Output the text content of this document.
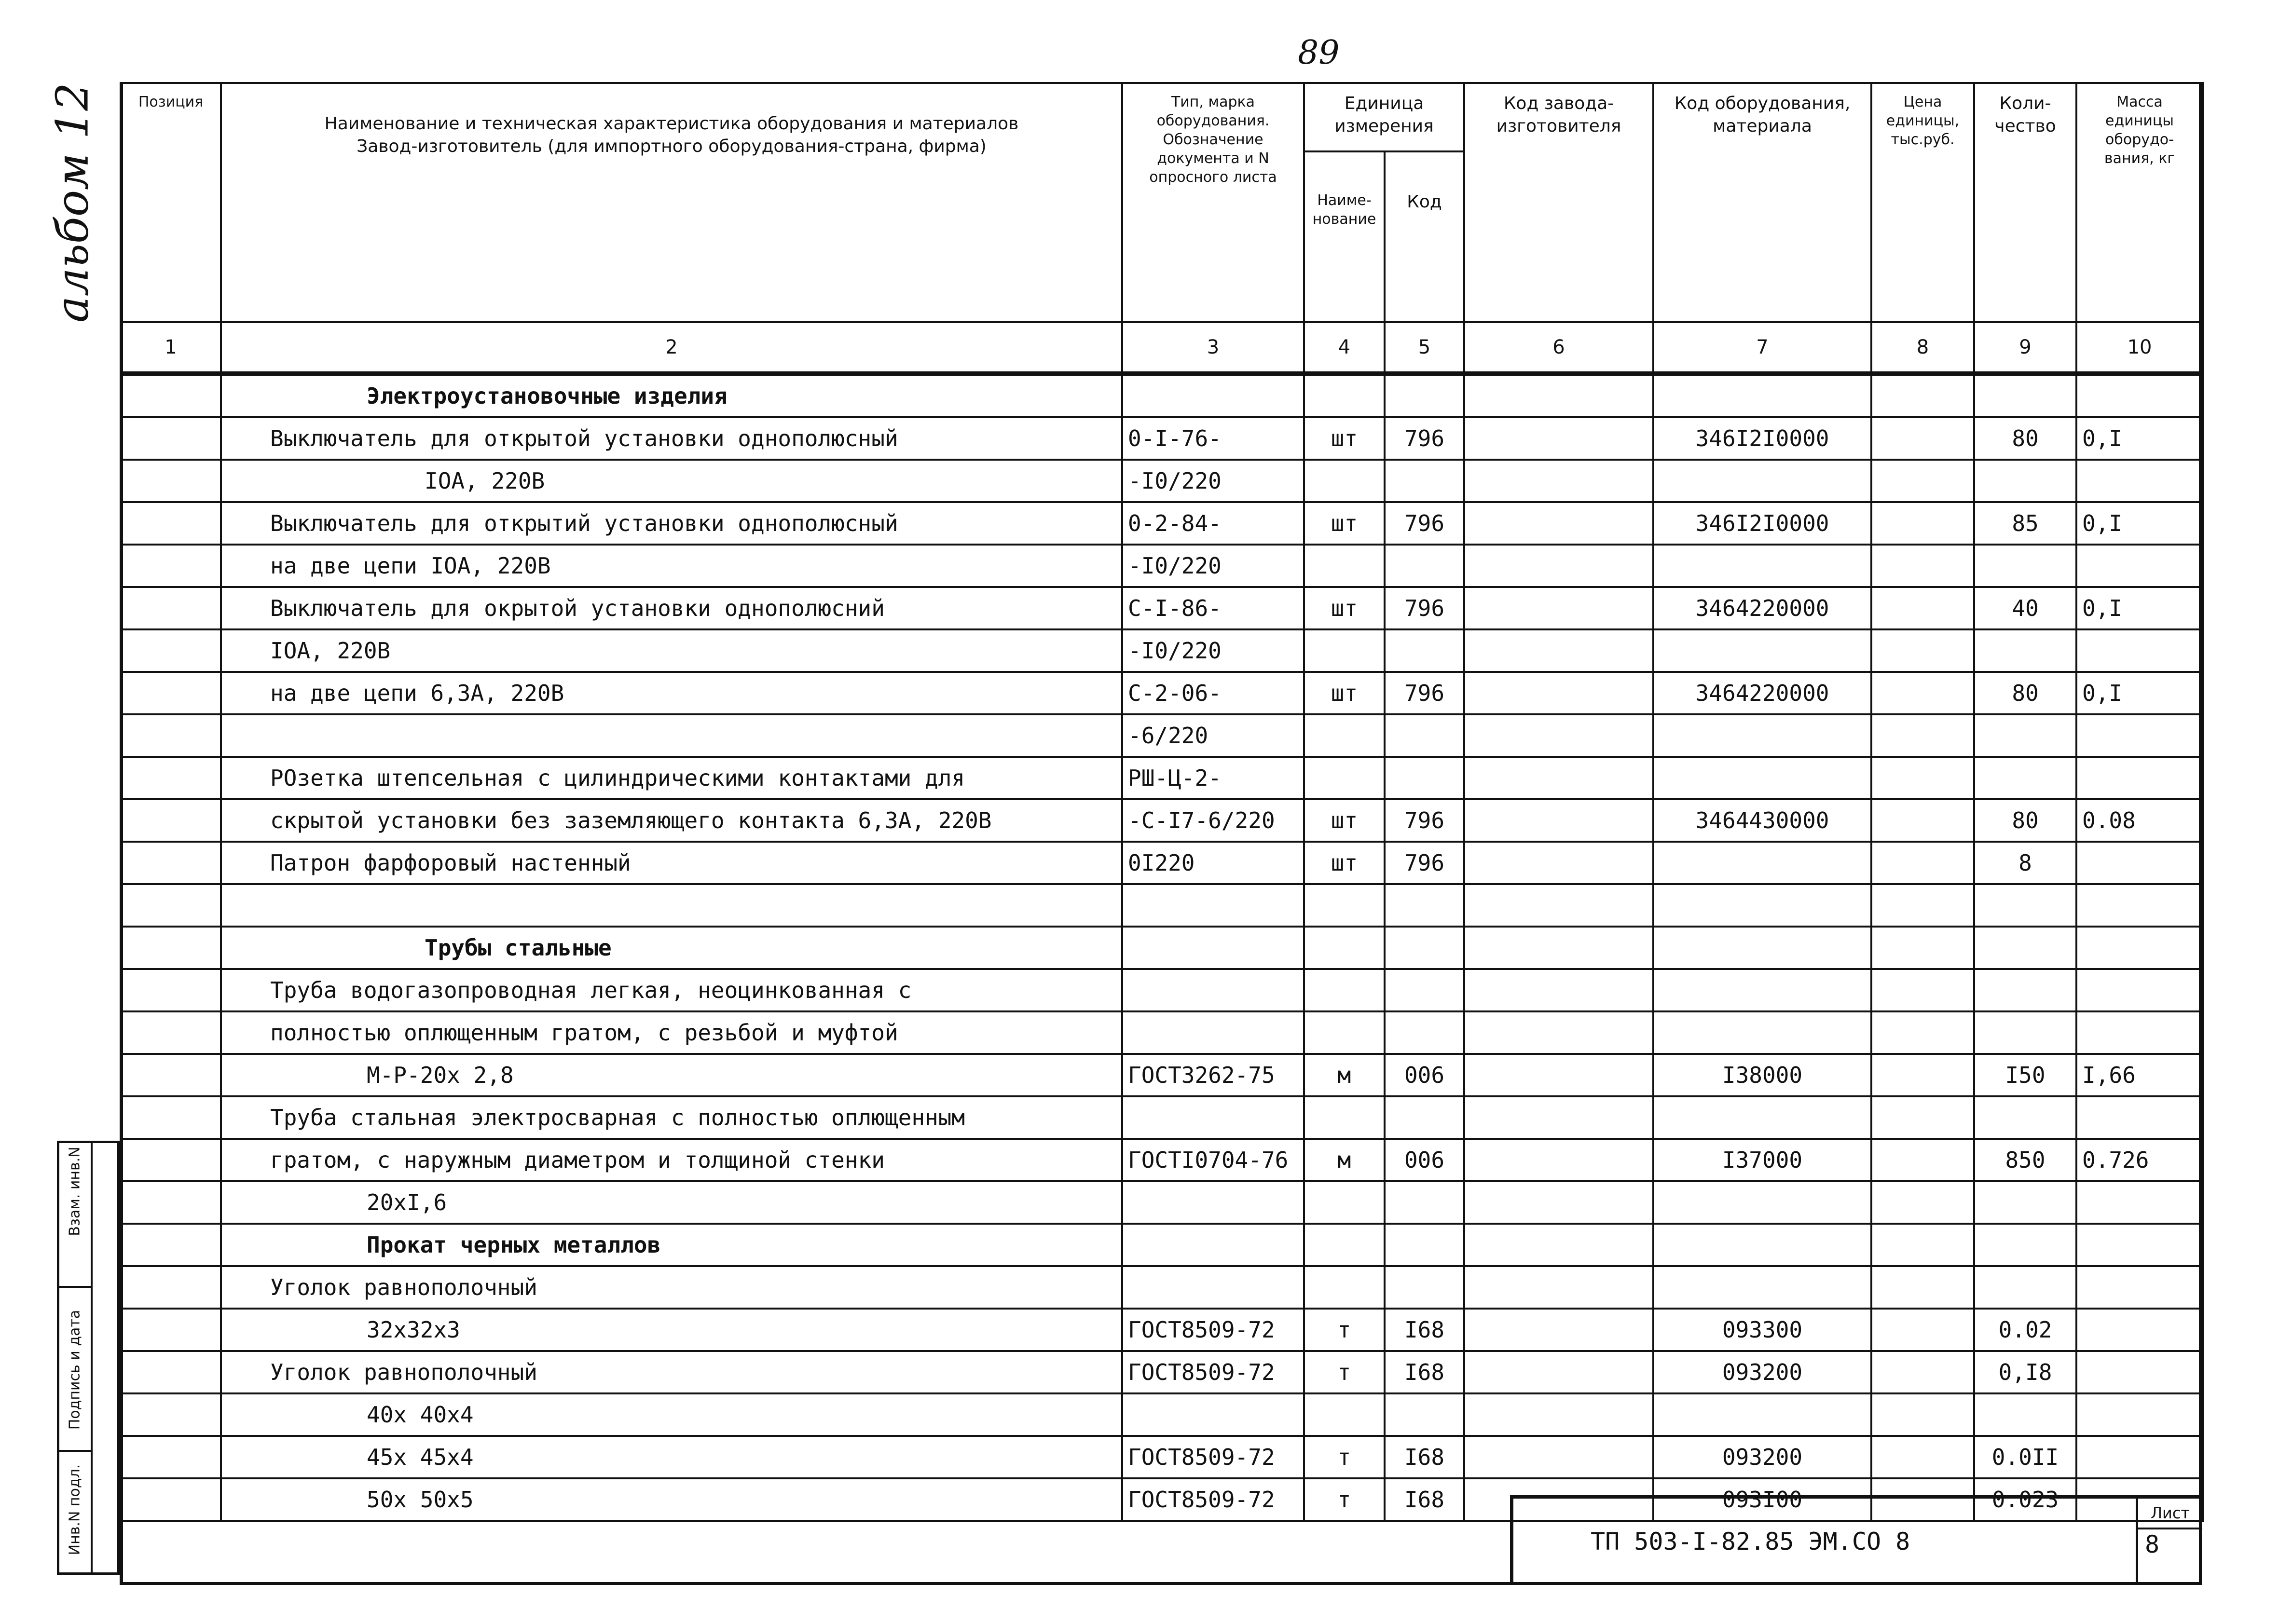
89
альбом 12	Позиция	Наименование и техническая характеристика оборудования и материалов Завод-изготовитель (для импортного оборудования-страна, фирма)	Тип, марка оборудования. Обозначение документа и N опросного листа	Единица измерения		Код завода-изготовителя	Код оборудования, материала	Цена единицы, тыс.руб.	Коли-чество	Масса единицы оборудо-вания, кг
			Наиме-нование	Код					
1	2	3	4	5	6	7	8	9	10
	Электроустановочные изделия								
	Выключатель для открытой установки однополюсный	0-I-76-	шт	796		346I2I0000		80	0,I
	IOA, 220B	-I0/220							
	Выключатель для открытий установки однополюсный	0-2-84-	шт	796		346I2I0000		85	0,I
	на две цепи IOA, 220B	-I0/220							
	Выключатель для окрытой установки однополюсний	С-I-86-	шт	796		3464220000		40	0,I
	IOA, 220B	-I0/220							
	на две цепи 6,3А, 220В	С-2-06-	шт	796		3464220000		80	0,I
		-6/220							
	РОзетка штепсельная с цилиндрическими контактами для	РШ-Ц-2-							
	скрытой установки без заземляющего контакта 6,3А, 220В	-С-I7-6/220	шт	796		3464430000		80	0.08
	Патрон фарфоровый настенный	0I220	шт	796				8	

	Трубы стальные								
	Труба водогазопроводная легкая, неоцинкованная с								
	полностью оплющенным гратом, с резьбой и муфтой								
	М-Р-20х 2,8	ГОСТ3262-75	м	006		I38000		I50	I,66
	Труба стальная электросварная с полностью оплющенным								
	гратом, с наружным диаметром и толщиной стенки	ГОСТI0704-76	м	006		I37000		850	0.726
	20хI,6								
	Прокат черных металлов								
	Уголок равнополочный								
	32х32х3	ГОСТ8509-72	т	I68		093300		0.02	
	Уголок равнополочный	ГОСТ8509-72	т	I68		093200		0,I8	
	40х 40х4								
	45х 45х4	ГОСТ8509-72	т	I68		093200		0.0II	
	50х 50х5	ГОСТ8509-72	т	I68		093I00		0.023	
Взам. инв.N
Подпись и дата
Инв.N подл.	ТП 503-I-82.85 ЭМ.СО 8
Лист
8
